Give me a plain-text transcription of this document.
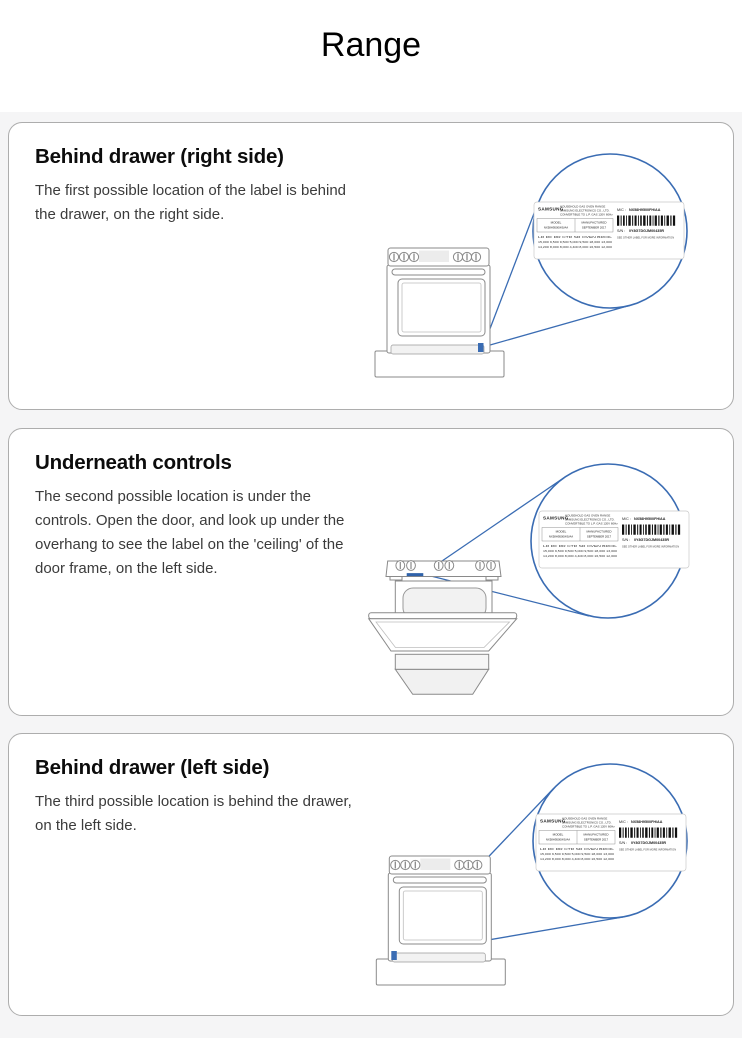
Range
Behind drawer (right side)

The first possible location of the label is behind the drawer, on the right side.	SAMSUNG
HOUSEHOLD GAS OVEN RANGE
SAMSUNG ELECTRONICS CO., LTD.
CONVERTIBLE TO L.P. GAS 120V 60Hz
MODEL
NX58H9500WS/AA
MANUFACTURED
SEPTEMBER 2017
LR RF RR CTR SR OVEN BROIL
15,000 9,500 9,500 5,000 9,500 18,000 13,000
14,200 8,000 8,000 4,400 8,000 16,500 12,000
M/C : NX58H9500FH/AA
S/N : 0Y8G7DGJM00435R
SEE OTHER LABEL FOR MORE INFORMATION
Underneath controls

The second possible location is under the controls. Open the door, and look up under the overhang to see the label on the 'ceiling' of the door frame, on the left side.

SAMSUNG
HOUSEHOLD GAS OVEN RANGE
SAMSUNG ELECTRONICS CO., LTD.
CONVERTIBLE TO L.P. GAS 120V 60Hz
MODEL
NX58H9500WS/AA
MANUFACTURED
SEPTEMBER 2017
LR RF RR CTR SR OVEN BROIL
15,000 9,500 9,500 5,000 9,500 18,000 13,000
14,200 8,000 8,000 4,400 8,000 16,500 12,000
M/C : NX58H9500FH/AA
S/N : 0Y8G7DGJM00435R
SEE OTHER LABEL FOR MORE INFORMATION
Behind drawer (left side)

The third possible location is behind the drawer, on the left side.	SAMSUNG
HOUSEHOLD GAS OVEN RANGE
SAMSUNG ELECTRONICS CO., LTD.
CONVERTIBLE TO L.P. GAS 120V 60Hz
MODEL
NX58H9500WS/AA
MANUFACTURED
SEPTEMBER 2017
LR RF RR CTR SR OVEN BROIL
15,000 9,500 9,500 5,000 9,500 18,000 13,000
14,200 8,000 8,000 4,400 8,000 16,500 12,000
M/C : NX58H9500FH/AA
S/N : 0Y8G7DGJM00435R
SEE OTHER LABEL FOR MORE INFORMATION
